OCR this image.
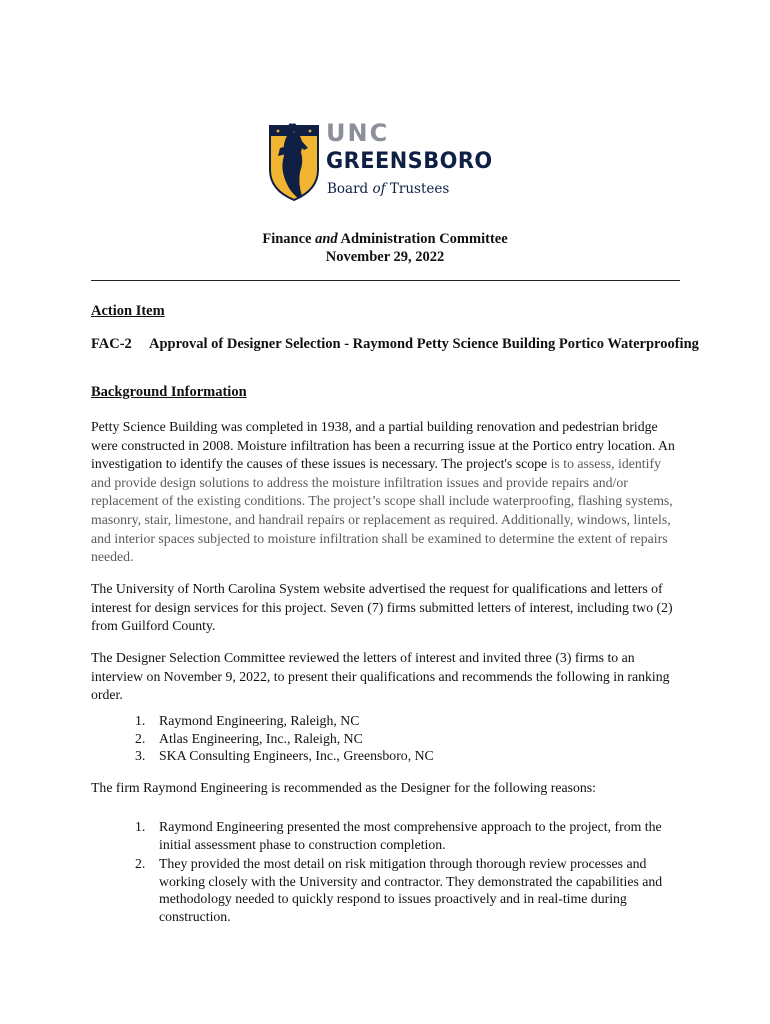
UNC
GREENSBORO
Board of Trustees
Finance and Administration Committee
November 29, 2022
Action Item
FAC-2 Approval of Designer Selection - Raymond Petty Science Building Portico Waterproofing
Background Information

Petty Science Building was completed in 1938, and a partial building renovation and pedestrian bridge were constructed in 2008. Moisture infiltration has been a recurring issue at the Portico entry location. An investigation to identify the causes of these issues is necessary. The project's scope is to assess, identify and provide design solutions to address the moisture infiltration issues and provide repairs and/or replacement of the existing conditions. The project’s scope shall include waterproofing, flashing systems, masonry, stair, limestone, and handrail repairs or replacement as required. Additionally, windows, lintels, and interior spaces subjected to moisture infiltration shall be examined to determine the extent of repairs needed.

The University of North Carolina System website advertised the request for qualifications and letters of interest for design services for this project. Seven (7) firms submitted letters of interest, including two (2) from Guilford County.

The Designer Selection Committee reviewed the letters of interest and invited three (3) firms to an interview on November 9, 2022, to present their qualifications and recommends the following in ranking order.

1. Raymond Engineering, Raleigh, NC
2. Atlas Engineering, Inc., Raleigh, NC
3. SKA Consulting Engineers, Inc., Greensboro, NC

The firm Raymond Engineering is recommended as the Designer for the following reasons:

1. Raymond Engineering presented the most comprehensive approach to the project, from the initial assessment phase to construction completion.
2. They provided the most detail on risk mitigation through thorough review processes and working closely with the University and contractor. They demonstrated the capabilities and methodology needed to quickly respond to issues proactively and in real-time during construction.
